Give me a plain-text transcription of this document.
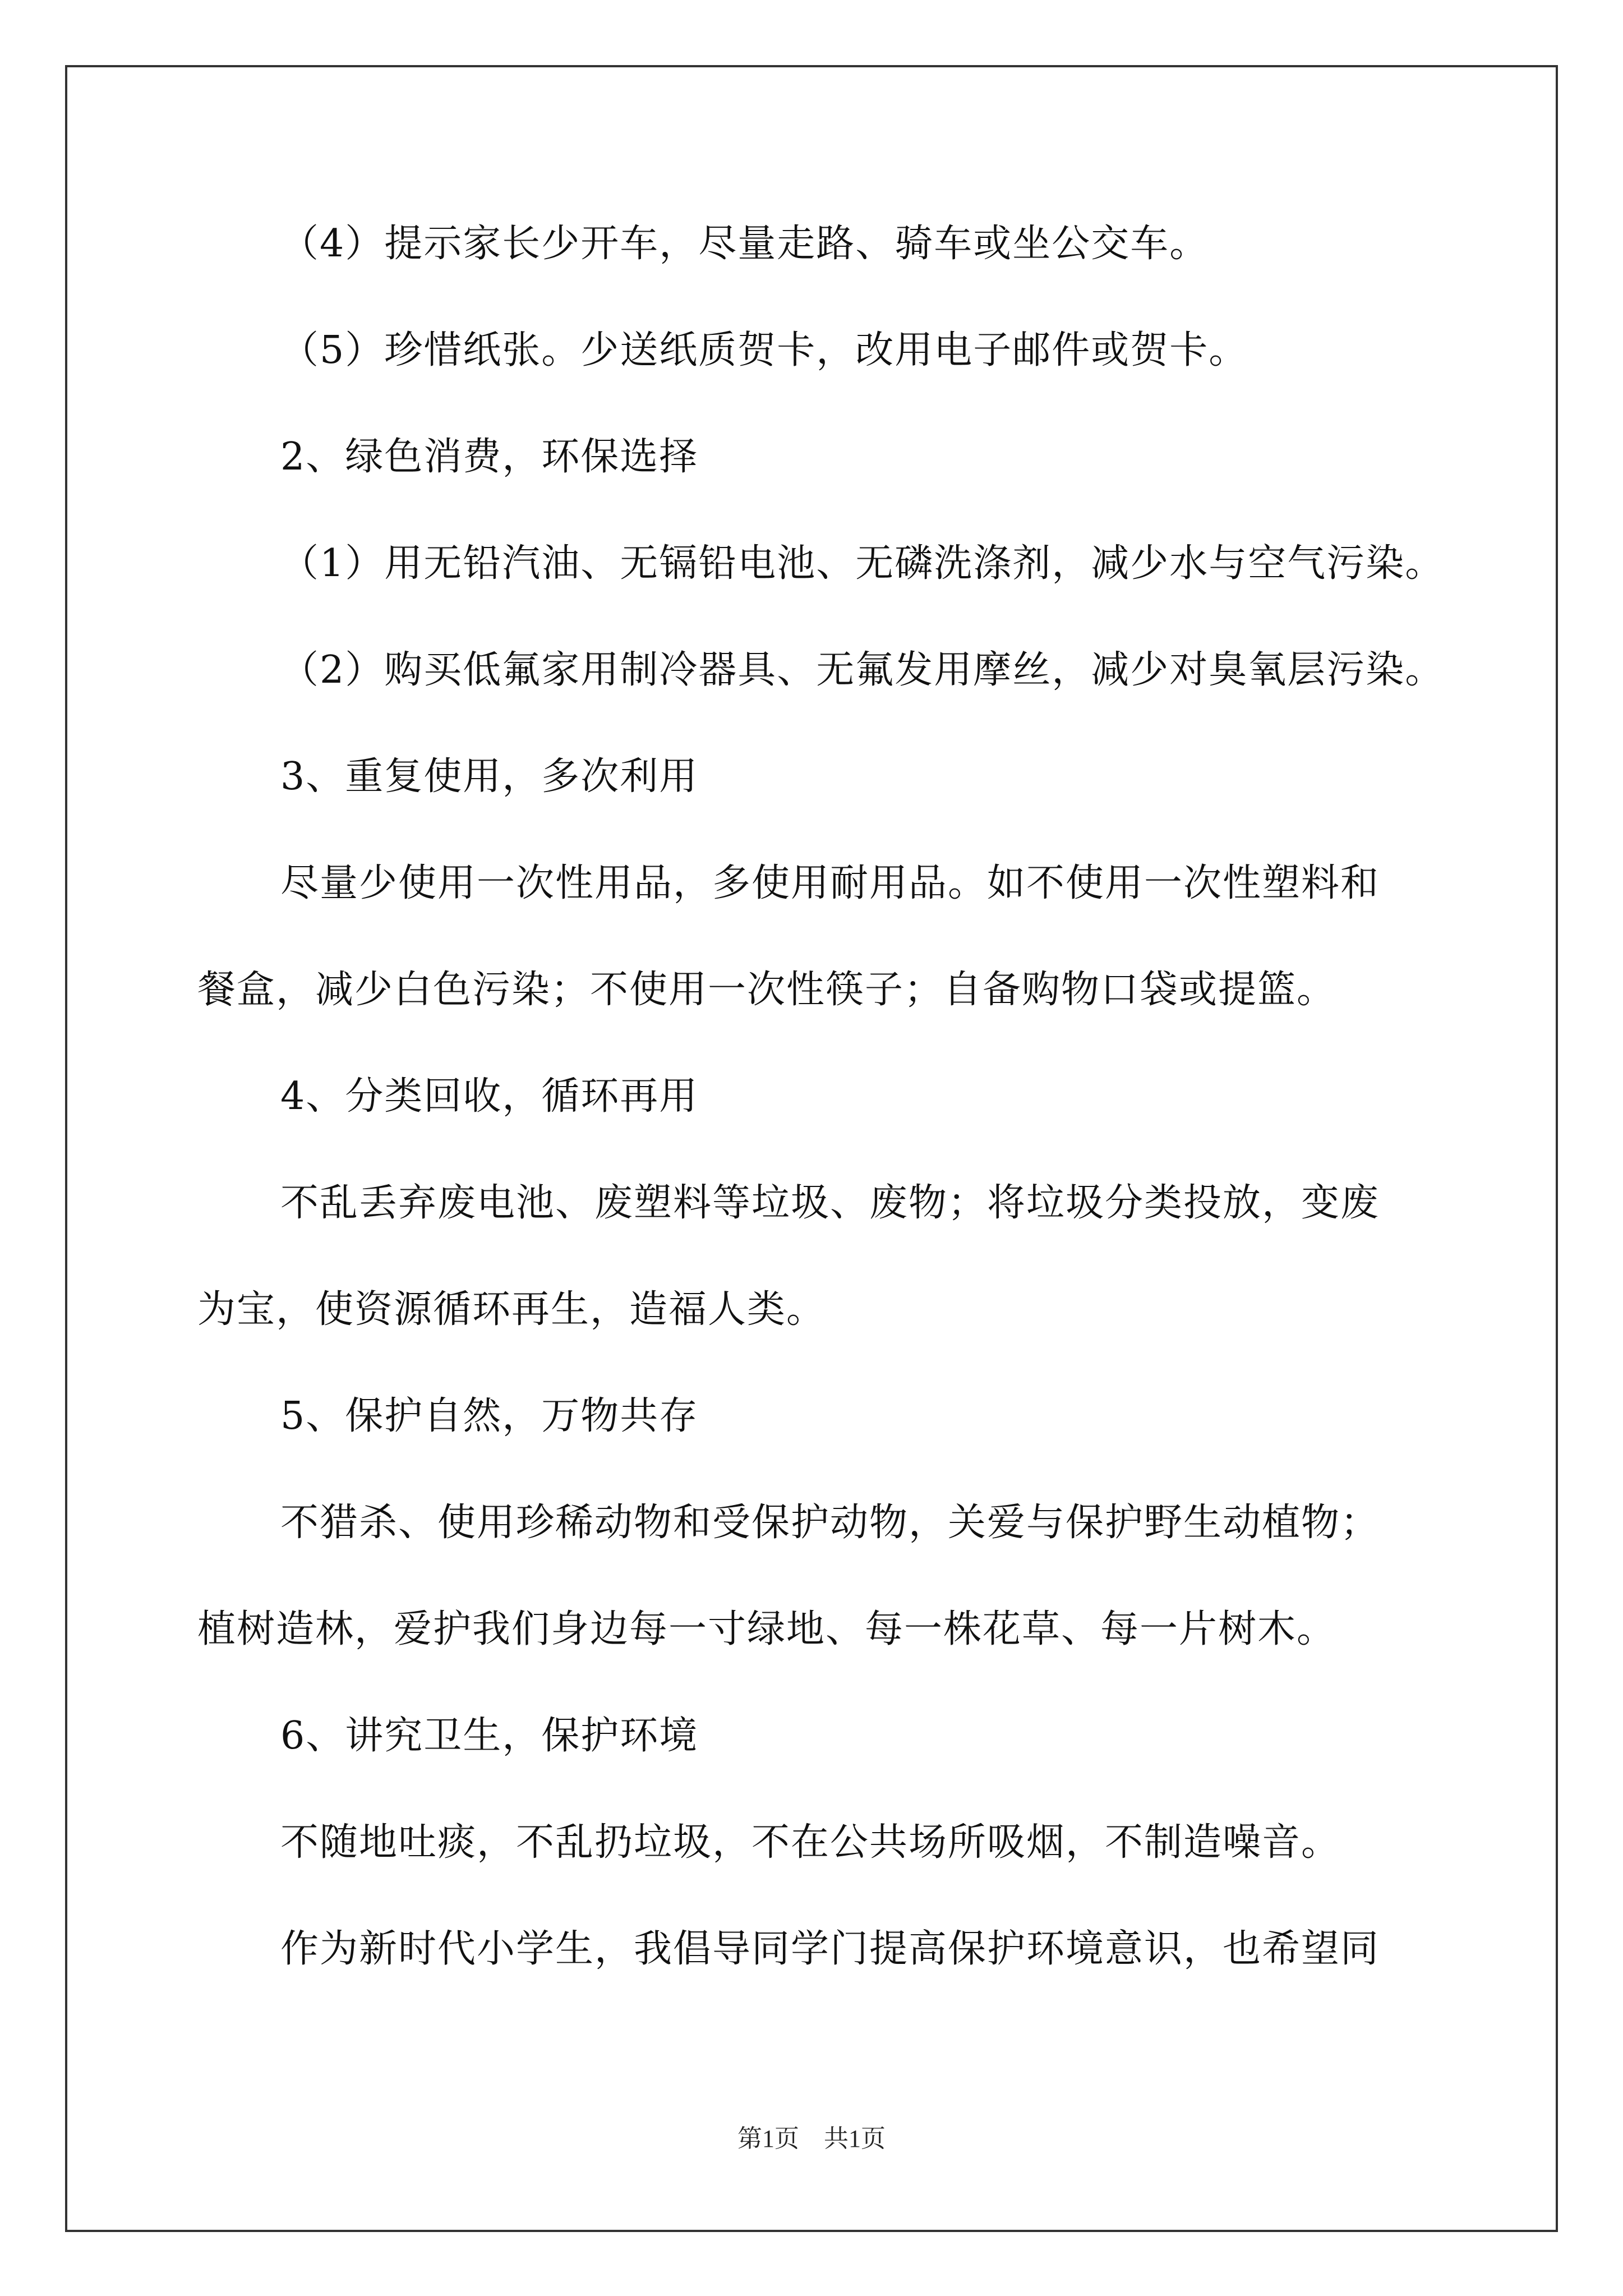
（4）提示家长少开车，尽量走路、骑车或坐公交车。
（5）珍惜纸张。少送纸质贺卡，改用电子邮件或贺卡。
2、绿色消费，环保选择
（1）用无铅汽油、无镉铅电池、无磷洗涤剂，减少水与空气污染。
（2）购买低氟家用制冷器具、无氟发用摩丝，减少对臭氧层污染。
3、重复使用，多次利用
尽量少使用一次性用品，多使用耐用品。如不使用一次性塑料和
餐盒，减少白色污染；不使用一次性筷子；自备购物口袋或提篮。
4、分类回收，循环再用
不乱丢弃废电池、废塑料等垃圾、废物；将垃圾分类投放，变废
为宝，使资源循环再生，造福人类。
5、保护自然，万物共存
不猎杀、使用珍稀动物和受保护动物，关爱与保护野生动植物；
植树造林，爱护我们身边每一寸绿地、每一株花草、每一片树木。
6、讲究卫生，保护环境
不随地吐痰，不乱扔垃圾，不在公共场所吸烟，不制造噪音。
作为新时代小学生，我倡导同学门提高保护环境意识，也希望同
第1页　共1页
